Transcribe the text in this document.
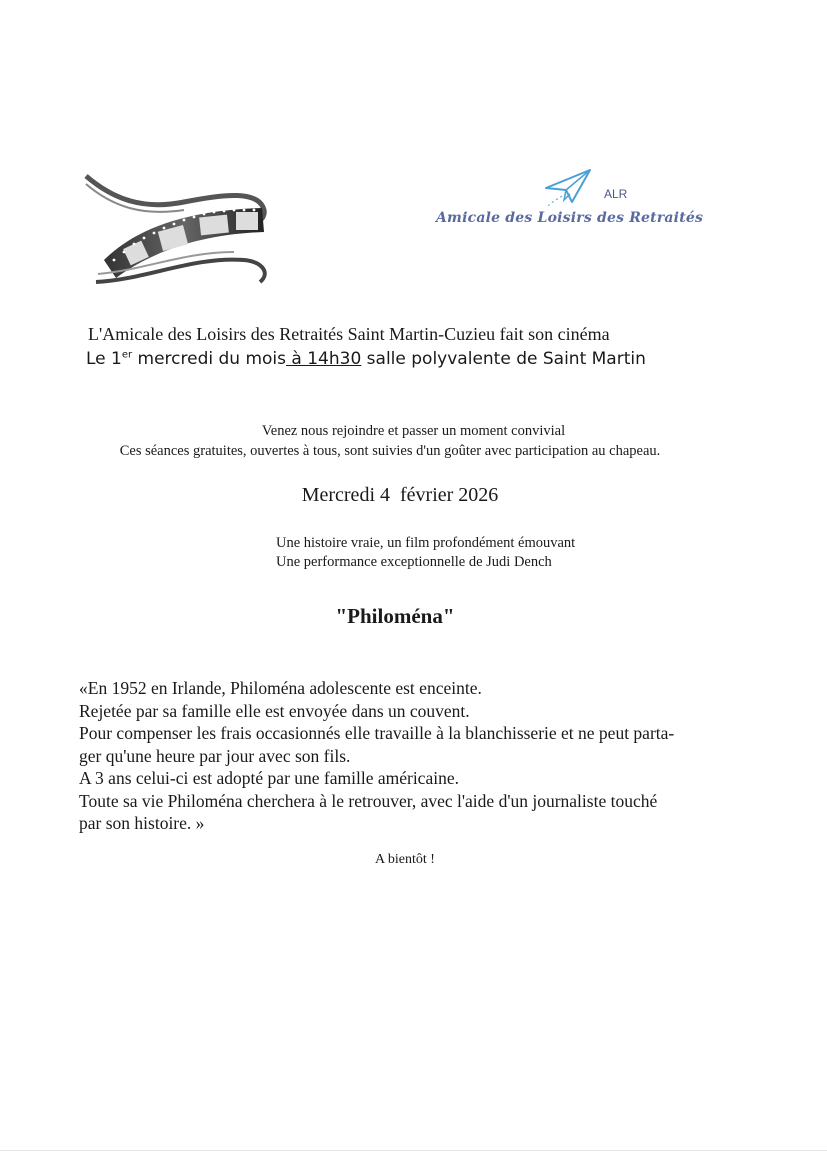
ALR
Amicale des Loisirs des Retraités
L'Amicale des Loisirs des Retraités Saint Martin-Cuzieu fait son cinéma
Le 1er mercredi du mois à 14h30 salle polyvalente de Saint Martin
Venez nous rejoindre et passer un moment convivial
Ces séances gratuites, ouvertes à tous, sont suivies d'un goûter avec participation au chapeau.
Mercredi 4  février 2026
Une histoire vraie, un film profondément émouvant
Une performance exceptionnelle de Judi Dench
"Philoména"

«En 1952 en Irlande, Philoména adolescente est enceinte.

Rejetée par sa famille elle est envoyée dans un couvent.

Pour compenser les frais occasionnés elle travaille à la blanchisserie et ne peut parta-

ger qu'une heure par jour avec son fils.

A 3 ans celui-ci est adopté par une famille américaine.

Toute sa vie Philoména cherchera à le retrouver, avec l'aide d'un journaliste touché

par son histoire. »

A bientôt !
